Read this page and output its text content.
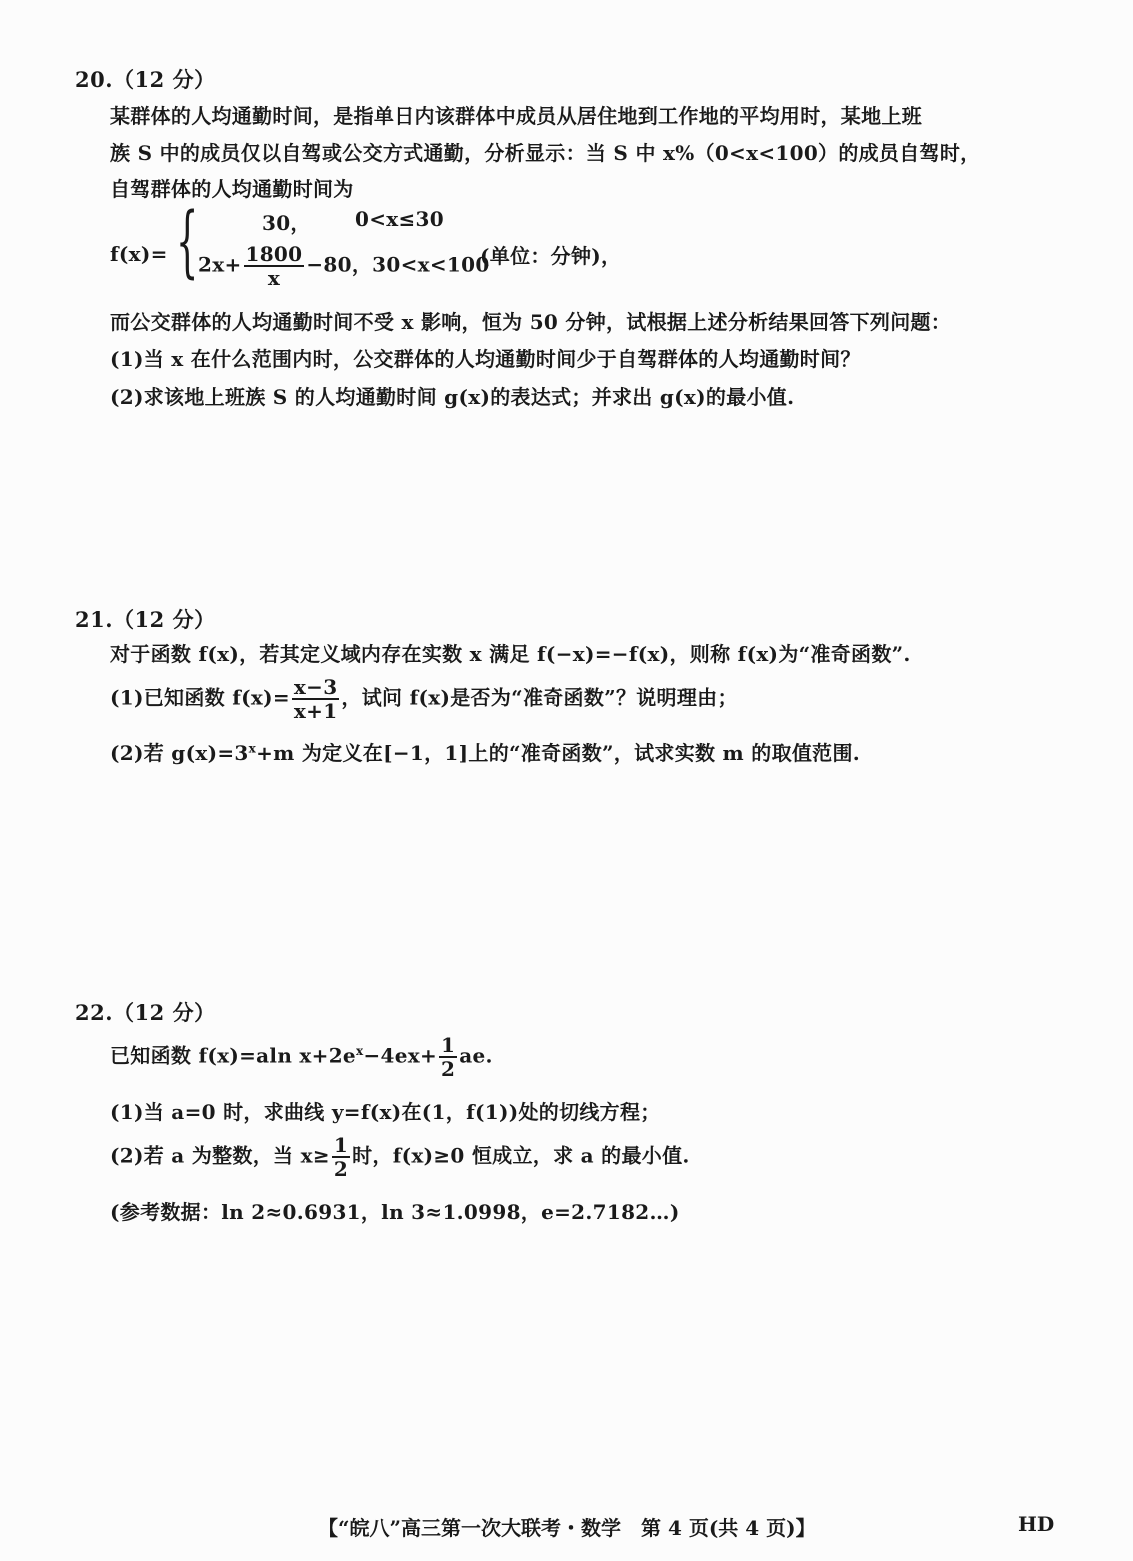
20.（12 分）
某群体的人均通勤时间，是指单日内该群体中成员从居住地到工作地的平均用时，某地上班
族 S 中的成员仅以自驾或公交方式通勤，分析显示：当 S 中 x%（0<x<100）的成员自驾时，
自驾群体的人均通勤时间为
f(x)= {	30， 0<x≤30
$2x+ \frac{1800}{x} -80$，30<x<100
(单位：分钟)，
而公交群体的人均通勤时间不受 x 影响，恒为 50 分钟，试根据上述分析结果回答下列问题：
(1)当 x 在什么范围内时，公交群体的人均通勤时间少于自驾群体的人均通勤时间？
(2)求该地上班族 S 的人均通勤时间 g(x)的表达式；并求出 g(x)的最小值.
21.（12 分）
对于函数 f(x)，若其定义域内存在实数 x 满足 f(−x)=−f(x)，则称 f(x)为“准奇函数”.
(1)已知函数 $f(x)= \frac{x-3}{x+1}$ ，试问 f(x)是否为“准奇函数”？说明理由；
(2)若 $g(x)=3^x+m$ 为定义在[−1，1]上的“准奇函数”，试求实数 m 的取值范围.
22.（12 分）
已知函数 f(x)=aln $x+2e^x-4ex+ \frac{1}{2}$ ae.
(1)当 a=0 时，求曲线 y=f(x)在(1，f(1))处的切线方程；
(2)若 a 为整数，当 $x\ge \frac{1}{2}$ 时，f(x)≥0 恒成立，求 a 的最小值.
(参考数据：ln 2≈0.6931，ln 3≈1.0998，e=2.7182…)
【“皖八”高三第一次大联考・数学　第 4 页(共 4 页)】	HD
